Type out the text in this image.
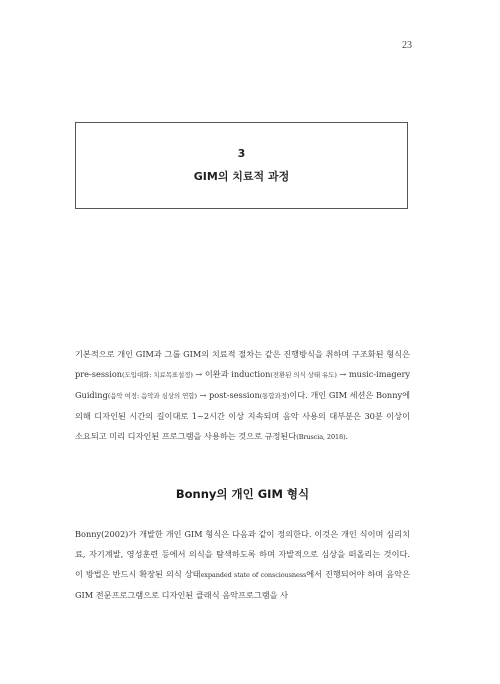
23
3
GIM의 치료적 과정

기본적으로 개인 GIM과 그룹 GIM의 치료적 절차는 같은 진행방식을 취하며 구조화된 형식은 pre-session(도입대화: 치료목표설정) → 이완과 induction(전환된 의식 상태 유도) → music-imagery Guiding(음악 여정: 음악과 심상의 연합) → post-session(통합과정)이다. 개인 GIM 세션은 Bonny에 의해 디자인된 시간의 길이대로 1~2시간 이상 지속되며 음악 사용의 대부분은 30분 이상이 소요되고 미리 디자인된 프로그램을 사용하는 것으로 규정된다(Bruscia, 2018).

Bonny의 개인 GIM 형식

Bonny(2002)가 개발한 개인 GIM 형식은 다음과 같이 정의한다. 이것은 개인 식이며 심리치료, 자기계발, 영성훈련 등에서 의식을 탐색하도록 하며 자발적으로 심상을 떠올리는 것이다. 이 방법은 반드시 확장된 의식 상태expanded state of consciousness에서 진행되어야 하며 음악은 GIM 전문프로그램으로 디자인된 클래식 음악프로그램을 사
